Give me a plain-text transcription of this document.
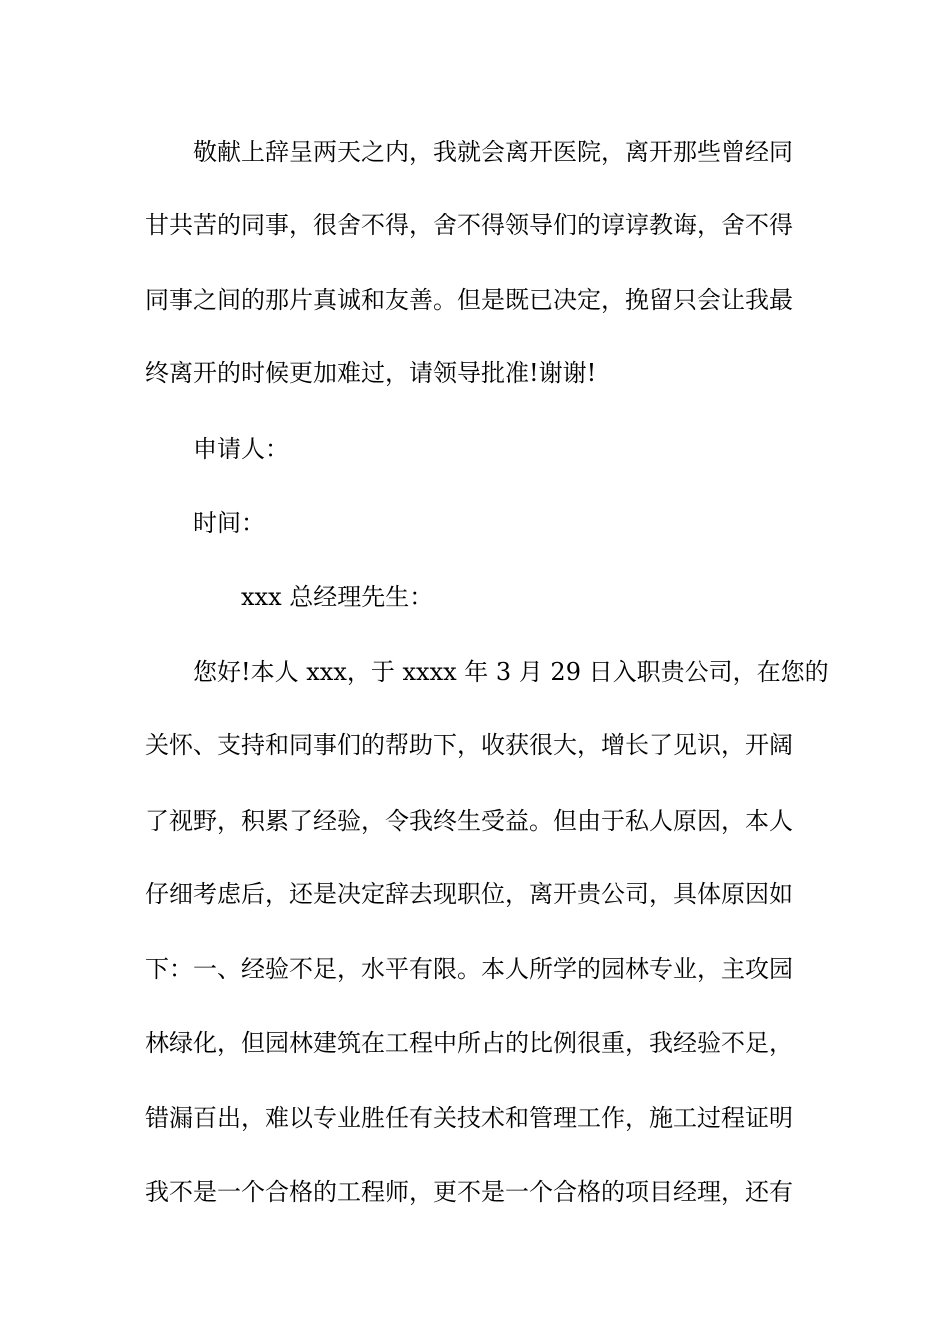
敬献上辞呈两天之内，我就会离开医院，离开那些曾经同
甘共苦的同事，很舍不得，舍不得领导们的谆谆教诲，舍不得
同事之间的那片真诚和友善。但是既已决定，挽留只会让我最
终离开的时候更加难过，请领导批准!谢谢!
申请人：
时间：
xxx 总经理先生：
您好!本人 xxx，于 xxxx 年 3 月 29 日入职贵公司，在您的
关怀、支持和同事们的帮助下，收获很大，增长了见识，开阔
了视野，积累了经验，令我终生受益。但由于私人原因，本人
仔细考虑后，还是决定辞去现职位，离开贵公司，具体原因如
下：一、经验不足，水平有限。本人所学的园林专业，主攻园
林绿化，但园林建筑在工程中所占的比例很重，我经验不足，
错漏百出，难以专业胜任有关技术和管理工作，施工过程证明
我不是一个合格的工程师，更不是一个合格的项目经理，还有
